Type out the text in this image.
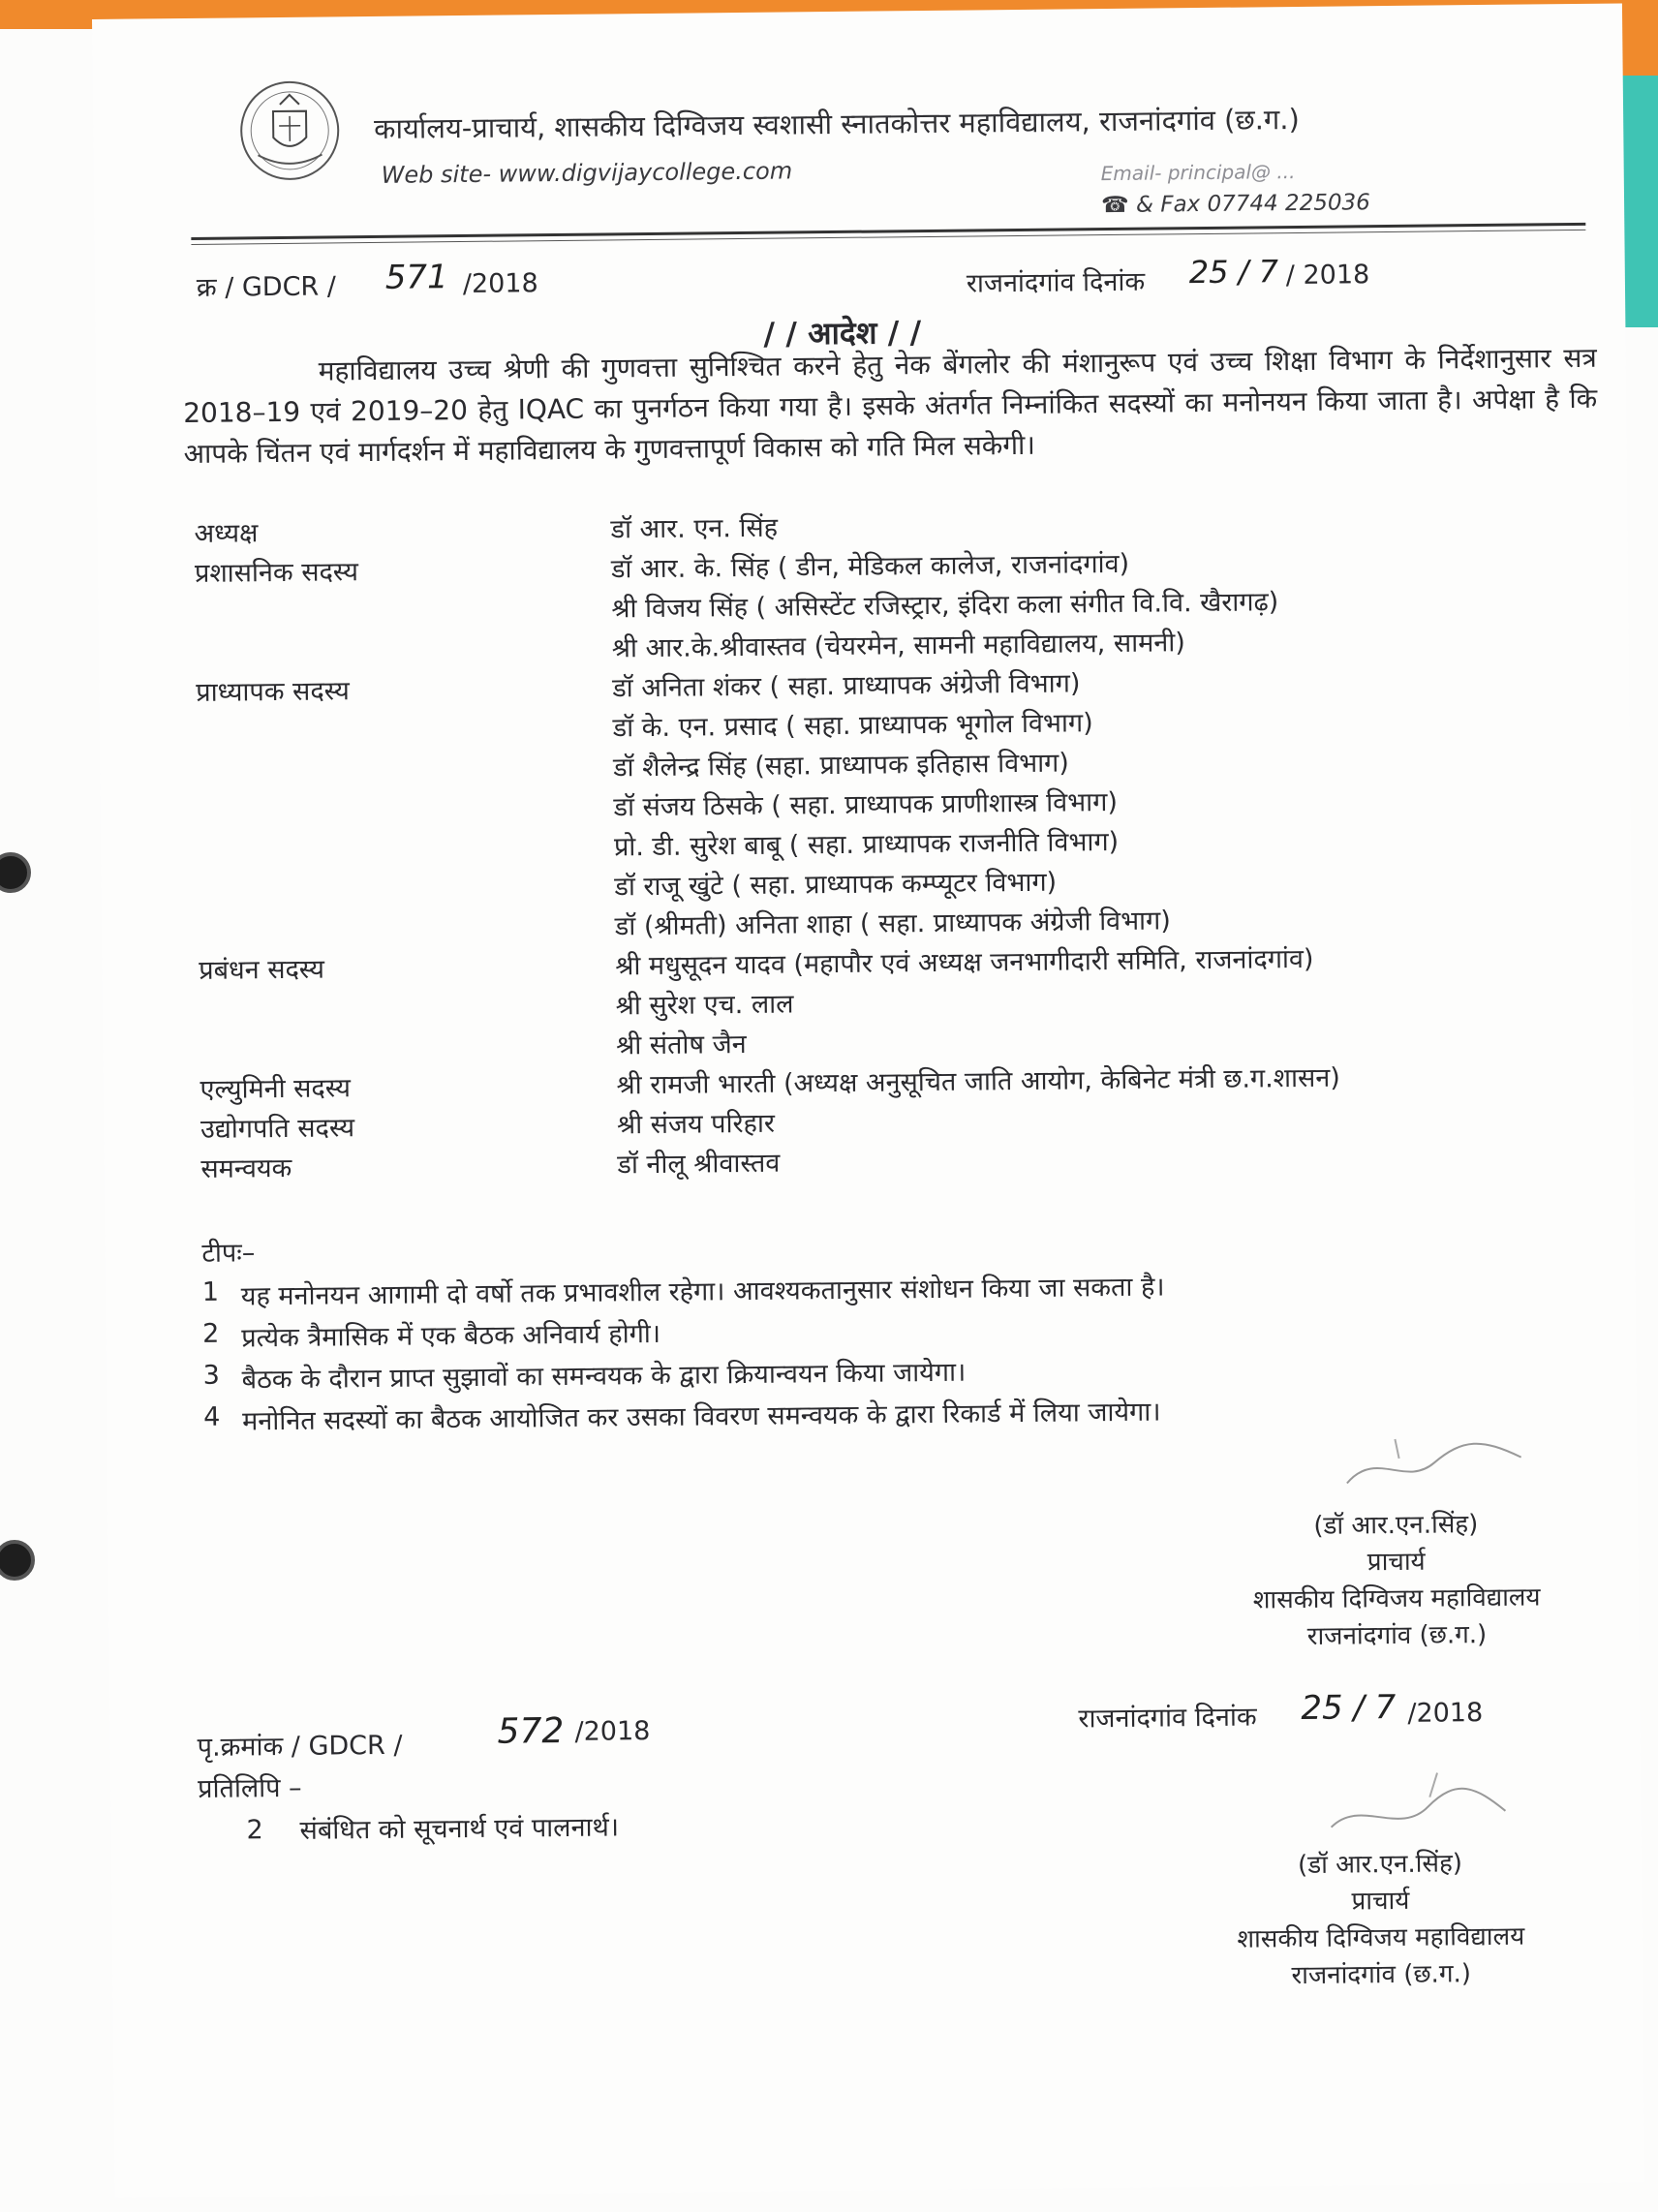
कार्यालय-प्राचार्य, शासकीय दिग्विजय स्वशासी स्नातकोत्तर महाविद्यालय, राजनांदगांव (छ.ग.)
Web site- www.digvijaycollege.com	Email- principal@ ...
☎ & Fax 07744 225036
क्र / GDCR / 571 /2018	राजनांदगांव दिनांक 25 / 7 / 2018
/ / आदेश / /
महाविद्यालय उच्च श्रेणी की गुणवत्ता सुनिश्चित करने हेतु नेक बेंगलोर की मंशानुरूप एवं उच्च शिक्षा विभाग के निर्देशानुसार सत्र 2018–19 एवं 2019–20 हेतु IQAC का पुनर्गठन किया गया है। इसके अंतर्गत निम्नांकित सदस्यों का मनोनयन किया जाता है। अपेक्षा है कि आपके चिंतन एवं मार्गदर्शन में महाविद्यालय के गुणवत्तापूर्ण विकास को गति मिल सकेगी।
अध्यक्ष	डॉ आर. एन. सिंह
प्रशासनिक सदस्य	डॉ आर. के. सिंह ( डीन, मेडिकल कालेज, राजनांदगांव)
श्री विजय सिंह ( असिस्टेंट रजिस्ट्रार, इंदिरा कला संगीत वि.वि. खैरागढ़)
श्री आर.के.श्रीवास्तव (चेयरमेन, सामनी महाविद्यालय, सामनी)
प्राध्यापक सदस्य	डॉ अनिता शंकर ( सहा. प्राध्यापक अंग्रेजी विभाग)
डॉ के. एन. प्रसाद ( सहा. प्राध्यापक भूगोल विभाग)
डॉ शैलेन्द्र सिंह (सहा. प्राध्यापक इतिहास विभाग)
डॉ संजय ठिसके ( सहा. प्राध्यापक प्राणीशास्त्र विभाग)
प्रो. डी. सुरेश बाबू ( सहा. प्राध्यापक राजनीति विभाग)
डॉ राजू खुंटे ( सहा. प्राध्यापक कम्प्यूटर विभाग)
डॉ (श्रीमती) अनिता शाहा ( सहा. प्राध्यापक अंग्रेजी विभाग)
प्रबंधन सदस्य	श्री मधुसूदन यादव (महापौर एवं अध्यक्ष जनभागीदारी समिति, राजनांदगांव)
श्री सुरेश एच. लाल
श्री संतोष जैन
एल्युमिनी सदस्य	श्री रामजी भारती (अध्यक्ष अनुसूचित जाति आयोग, केबिनेट मंत्री छ.ग.शासन)
उद्योगपति सदस्य	श्री संजय परिहार
समन्वयक	डॉ नीलू श्रीवास्तव
टीपः–
1 यह मनोनयन आगामी दो वर्षो तक प्रभावशील रहेगा। आवश्यकतानुसार संशोधन किया जा सकता है।
2 प्रत्येक त्रैमासिक में एक बैठक अनिवार्य होगी।
3 बैठक के दौरान प्राप्त सुझावों का समन्वयक के द्वारा क्रियान्वयन किया जायेगा।
4 मनोनित सदस्यों का बैठक आयोजित कर उसका विवरण समन्वयक के द्वारा रिकार्ड में लिया जायेगा।
(डॉ आर.एन.सिंह)
प्राचार्य
शासकीय दिग्विजय महाविद्यालय
राजनांदगांव (छ.ग.)
पृ.क्रमांक / GDCR /	572 /2018	राजनांदगांव दिनांक 25 / 7 /2018
प्रतिलिपि –
2 संबंधित को सूचनार्थ एवं पालनार्थ।
(डॉ आर.एन.सिंह)
प्राचार्य
शासकीय दिग्विजय महाविद्यालय
राजनांदगांव (छ.ग.)
